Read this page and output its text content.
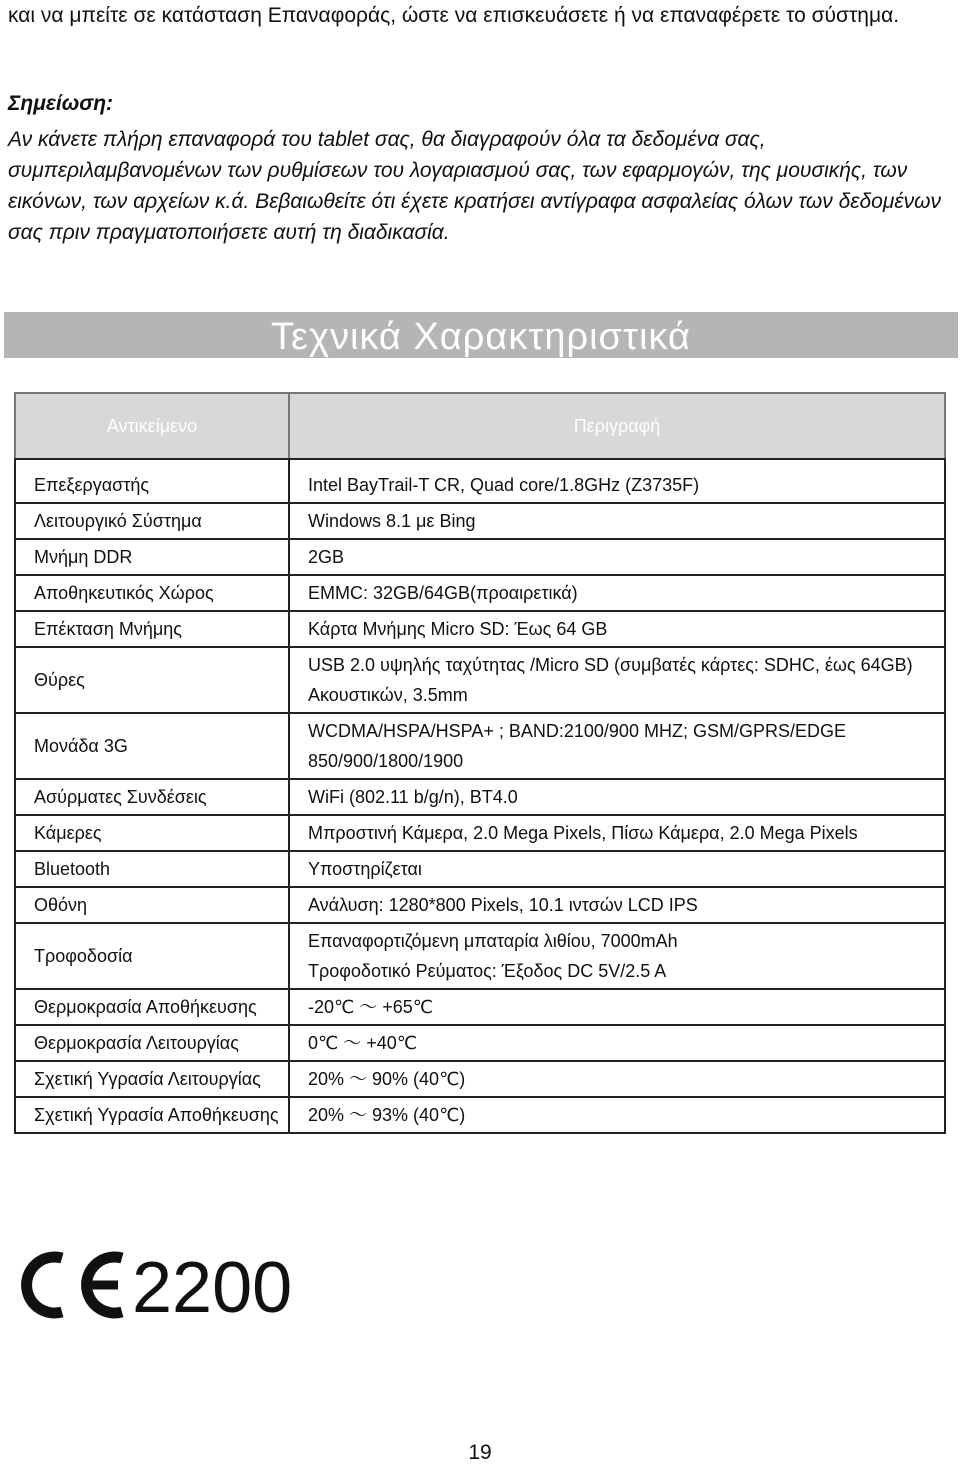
και να μπείτε σε κατάσταση Επαναφοράς, ώστε να επισκευάσετε ή να επαναφέρετε το σύστημα.

Σημείωση:

Αν κάνετε πλήρη επαναφορά του tablet σας, θα διαγραφούν όλα τα δεδομένα σας, συμπεριλαμβανομένων των ρυθμίσεων του λογαριασμού σας, των εφαρμογών, της μουσικής, των εικόνων, των αρχείων κ.ά. Βεβαιωθείτε ότι έχετε κρατήσει αντίγραφα ασφαλείας όλων των δεδομένων σας πριν πραγματοποιήσετε αυτή τη διαδικασία.

Τεχνικά Χαρακτηριστικά
Αντικείμενο	Περιγραφή
Επεξεργαστής	Intel BayTrail-T CR, Quad core/1.8GHz (Z3735F)

Λειτουργικό Σύστημα	Windows 8.1 με Bing

Μνήμη DDR	2GB

Αποθηκευτικός Χώρος	EMMC: 32GB/64GB(προαιρετικά)

Επέκταση Μνήμης	Κάρτα Μνήμης Micro SD: Έως 64 GB

Θύρες	USB 2.0 υψηλής ταχύτητας /Micro SD (συμβατές κάρτες: SDHC, έως 64GB)
Ακουστικών, 3.5mm

Μονάδα 3G	WCDMA/HSPA/HSPA+ ; BAND:2100/900 MHZ; GSM/GPRS/EDGE 850/900/1800/1900

Ασύρματες Συνδέσεις	WiFi (802.11 b/g/n), BT4.0

Κάμερες	Μπροστινή Κάμερα, 2.0 Mega Pixels, Πίσω Κάμερα, 2.0 Mega Pixels

Bluetooth	Υποστηρίζεται

Οθόνη	Ανάλυση: 1280*800 Pixels, 10.1 ιντσών LCD IPS

Τροφοδοσία	Επαναφορτιζόμενη μπαταρία λιθίου, 7000mAh
Τροφοδοτικό Ρεύματος: Έξοδος DC 5V/2.5 A

Θερμοκρασία Αποθήκευσης	-20℃ ～ +65℃

Θερμοκρασία Λειτουργίας	0℃ ～ +40℃

Σχετική Υγρασία Λειτουργίας	20% ～ 90% (40℃)

Σχετική Υγρασία Αποθήκευσης	20% ～ 93% (40℃)
2200
19
